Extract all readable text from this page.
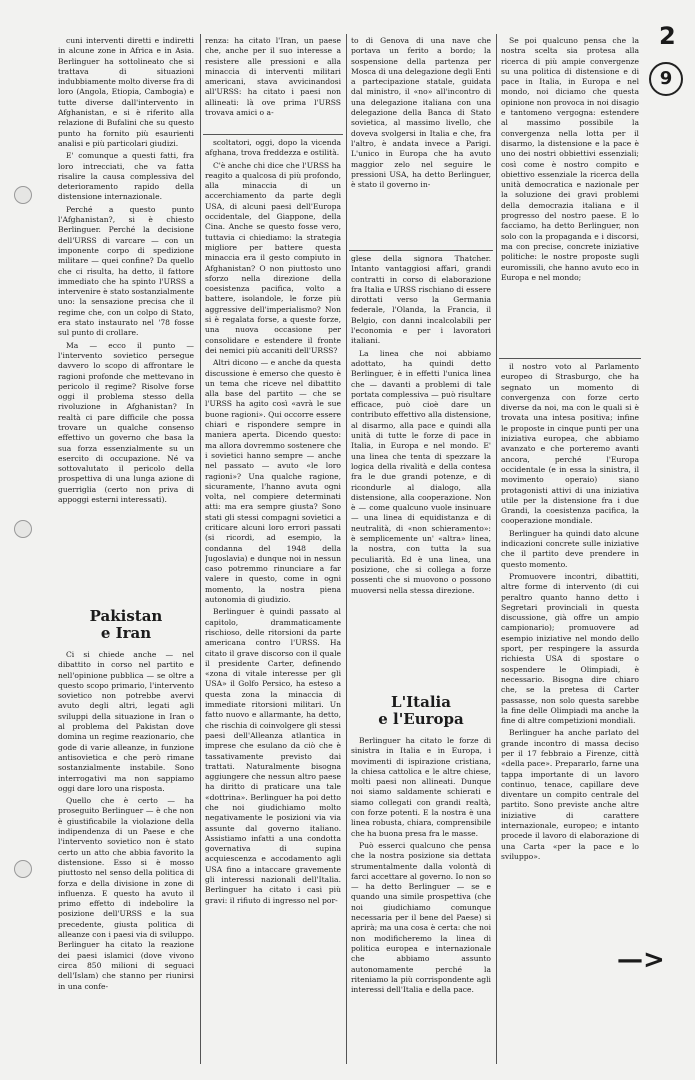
cuni interventi diretti e indiretti in alcune zone in Africa e in Asia. Berlinguer ha sottolineato che si trattava di situazioni indubbiamente molto diverse fra di loro (Angola, Etiopia, Cambogia) e tutte diverse dall'intervento in Afghanistan, e si è riferito alla relazione di Bufalini che su questo punto ha fornito più esaurienti analisi e più particolari giudizi.

E' comunque a questi fatti, fra loro intrecciati, che va fatta risalire la causa complessiva del deterioramento rapido della distensione internazionale.

Perché a questo punto l'Afghanistan?, si è chiesto Berlinguer. Perché la decisione dell'URSS di varcare — con un imponente corpo di spedizione militare — quei confine? Da quello che ci risulta, ha detto, il fattore immediato che ha spinto l'URSS a intervenire è stato sostanzialmente uno: la sensazione precisa che il regime che, con un colpo di Stato, era stato instaurato nel '78 fosse sul punto di crollare.

Ma — ecco il punto — l'intervento sovietico persegue davvero lo scopo di affrontare le ragioni profonde che mettevano in pericolo il regime? Risolve forse oggi il problema stesso della rivoluzione in Afghanistan? In realtà ci pare difficile che possa trovare un qualche consenso effettivo un governo che basa la sua forza essenzialmente su un esercito di occupazione. Né va sottovalutato il pericolo della prospettiva di una lunga azione di guerriglia (certo non priva di appoggi esterni interessati).

Pakistan
e Iran

Ci si chiede anche — nel dibattito in corso nel partito e nell'opinione pubblica — se oltre a questo scopo primario, l'intervento sovietico non potrebbe avervi avuto degli altri, legati agli sviluppi della situazione in Iran o al problema del Pakistan dove domina un regime reazionario, che gode di varie alleanze, in funzione antisovietica e che però rimane sostanzialmente instabile. Sono interrogativi ma non sappiamo oggi dare loro una risposta.

Quello che è certo — ha proseguito Berlinguer — è che non è giustificabile la violazione della indipendenza di un Paese e che l'intervento sovietico non è stato certo un atto che abbia favorito la distensione. Esso si è mosso piuttosto nel senso della politica di forza e della divisione in zone di influenza. E questo ha avuto il primo effetto di indebolire la posizione dell'URSS e la sua precedente, giusta politica di alleanze con i paesi via di sviluppo. Berlinguer ha citato la reazione dei paesi islamici (dove vivono circa 850 milioni di seguaci dell'Islam) che stanno per riunirsi in una confe-

renza: ha citato l'Iran, un paese che, anche per il suo interesse a resistere alle pressioni e alla minaccia di interventi militari americani, stava avvicinandosi all'URSS: ha citato i paesi non allineati: là ove prima l'URSS trovava amici o a-

scoltatori, oggi, dopo la vicenda afghana, trova freddezza e ostilità.

C'è anche chi dice che l'URSS ha reagito a qualcosa di più profondo, alla minaccia di un accerchiamento da parte degli USA, di alcuni paesi dell'Europa occidentale, del Giappone, della Cina. Anche se questo fosse vero, tuttavia ci chiediamo: la strategia migliore per battere questa minaccia era il gesto compiuto in Afghanistan? O non piuttosto uno sforzo nella direzione della coesistenza pacifica, volto a battere, isolandole, le forze più aggressive dell'imperialismo? Non si è regalata forse, a queste forze, una nuova occasione per consolidare e estendere il fronte dei nemici più accaniti dell'URSS?

Altri dicono — e anche da questa discussione è emerso che questo è un tema che riceve nel dibattito alla base del partito — che se l'URSS ha agito così «avrà le sue buone ragioni». Qui occorre essere chiari e rispondere sempre in maniera aperta. Dicendo questo: ma allora dovremmo sostenere che i sovietici hanno sempre — anche nel passato — avuto «le loro ragioni»? Una qualche ragione, sicuramente, l'hanno avuta ogni volta, nel compiere determinati atti: ma era sempre giusta? Sono stati gli stessi compagni sovietici a criticare alcuni loro errori passati (si ricordi, ad esempio, la condanna del 1948 della Jugoslavia) e dunque noi in nessun caso potremmo rinunciare a far valere in questo, come in ogni momento, la nostra piena autonomia di giudizio.

Berlinguer è quindi passato al capitolo, drammaticamente rischioso, delle ritorsioni da parte americana contro l'URSS. Ha citato il grave discorso con il quale il presidente Carter, definendo «zona di vitale interesse per gli USA» il Golfo Persico, ha esteso a questa zona la minaccia di immediate ritorsioni militari. Un fatto nuovo e allarmante, ha detto, che rischia di coinvolgere gli stessi paesi dell'Alleanza atlantica in imprese che esulano da ciò che è tassativamente previsto dai trattati. Naturalmente bisogna aggiungere che nessun altro paese ha diritto di praticare una tale «dottrina». Berlinguer ha poi detto che noi giudichiamo molto negativamente le posizioni via via assunte dal governo italiano. Assistiamo infatti a una condotta governativa di supina acquiescenza e accodamento agli USA fino a intaccare gravemente gli interessi nazionali dell'Italia. Berlinguer ha citato i casi più gravi: il rifiuto di ingresso nel por-

to di Genova di una nave che portava un ferito a bordo; la sospensione della partenza per Mosca di una delegazione degli Enti a partecipazione statale, guidata dal ministro, il «no» all'incontro di una delegazione italiana con una delegazione della Banca di Stato sovietica, al massimo livello, che doveva svolgersi in Italia e che, fra l'altro, è andata invece a Parigi. L'unico in Europa che ha avuto maggior zelo nel seguire le pressioni USA, ha detto Berlinguer, è stato il governo in-

glese della signora Thatcher. Intanto vantaggiosi affari, grandi contratti in corso di elaborazione fra Italia e URSS rischiano di essere dirottati verso la Germania federale, l'Olanda, la Francia, il Belgio, con danni incalcolabili per l'economia e per i lavoratori italiani.

La linea che noi abbiamo adottato, ha quindi detto Berlinguer, è in effetti l'unica linea che — davanti a problemi di tale portata complessiva — può risultare efficace, può cioè dare un contributo effettivo alla distensione, al disarmo, alla pace e quindi alla unità di tutte le forze di pace in Italia, in Europa e nel mondo. E' una linea che tenta di spezzare la logica della rivalità e della contesa fra le due grandi potenze, e di ricondurle al dialogo, alla distensione, alla cooperazione. Non è — come qualcuno vuole insinuare — una linea di equidistanza e di neutralità, di «non schieramento»: è semplicemente un' «altra» linea, la nostra, con tutta la sua peculiarità. Ed è una linea, una posizione, che si collega a forze possenti che si muovono o possono muoversi nella stessa direzione.

L'Italia
e l'Europa

Berlinguer ha citato le forze di sinistra in Italia e in Europa, i movimenti di ispirazione cristiana, la chiesa cattolica e le altre chiese, molti paesi non allineati. Dunque noi siamo saldamente schierati e siamo collegati con grandi realtà, con forze potenti. E la nostra è una linea robusta, chiara, comprensibile che ha buona presa fra le masse.

Può esserci qualcuno che pensa che la nostra posizione sia dettata strumentalmente dalla volontà di farci accettare al governo. Io non so — ha detto Berlinguer — se e quando una simile prospettiva (che noi giudichiamo comunque necessaria per il bene del Paese) si aprirà; ma una cosa è certa: che noi non modificheremo la linea di politica europea e internazionale che abbiamo assunto autonomamente perché la riteniamo la più corrispondente agli interessi dell'Italia e della pace.

Se poi qualcuno pensa che la nostra scelta sia protesa alla ricerca di più ampie convergenze su una politica di distensione e di pace in Italia, in Europa e nel mondo, noi diciamo che questa opinione non provoca in noi disagio e tantomeno vergogna: estendere al massimo possibile la convergenza nella lotta per il disarmo, la distensione e la pace è uno dei nostri obbiettivi essenziali; così come è nostro compito e obiettivo essenziale la ricerca della unità democratica e nazionale per la soluzione dei gravi problemi della democrazia italiana e il progresso del nostro paese. E lo facciamo, ha detto Berlinguer, non solo con la propaganda e i discorsi, ma con precise, concrete iniziative politiche: le nostre proposte sugli euromissili, che hanno avuto eco in Europa e nel mondo;

il nostro voto al Parlamento europeo di Strasburgo, che ha segnato un momento di convergenza con forze certo diverse da noi, ma con le quali si è trovata una intesa positiva; infine le proposte in cinque punti per una iniziativa europea, che abbiamo avanzato e che porteremo avanti ancora, perché l'Europa occidentale (e in essa la sinistra, il movimento operaio) siano protagonisti attivi di una iniziativa utile per la distensione fra i due Grandi, la coesistenza pacifica, la cooperazione mondiale.

Berlinguer ha quindi dato alcune indicazioni concrete sulle iniziative che il partito deve prendere in questo momento.

Promuovere incontri, dibattiti, altre forme di intervento (di cui peraltro quanto hanno detto i Segretari provinciali in questa discussione, già offre un ampio campionario); promuovere ad esempio iniziative nel mondo dello sport, per respingere la assurda richiesta USA di spostare o sospendere le Olimpiadi, è necessario. Bisogna dire chiaro che, se la pretesa di Carter passasse, non solo questa sarebbe la fine delle Olimpiadi ma anche la fine di altre competizioni mondiali.

Berlinguer ha anche parlato del grande incontro di massa deciso per il 17 febbraio a Firenze, città «della pace». Prepararlo, farne una tappa importante di un lavoro continuo, tenace, capillare deve diventare un compito centrale del partito. Sono previste anche altre iniziative di carattere internazionale, europeo; e intanto procede il lavoro di elaborazione di una Carta «per la pace e lo sviluppo».

2
9
—>
